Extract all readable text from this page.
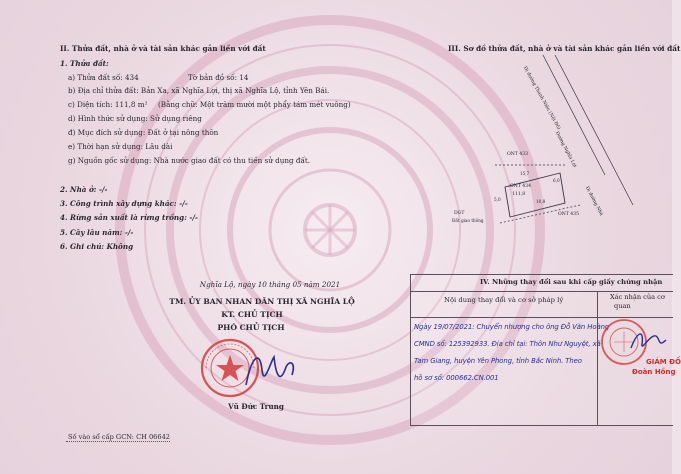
II. Thửa đất, nhà ở và tài sản khác gắn liền với đất
1. Thửa đất:
a) Thửa đất số: 434	Tờ bản đồ số: 14
b) Địa chỉ thửa đất: Bản Xa, xã Nghĩa Lợi, thị xã Nghĩa Lộ, tỉnh Yên Bái.
c) Diện tích: 111,8 m² (Bằng chữ: Một trăm mười một phẩy tám mét vuông)
d) Hình thức sử dụng: Sử dụng riêng
đ) Mục đích sử dụng: Đất ở tại nông thôn
e) Thời hạn sử dụng: Lâu dài
g) Nguồn gốc sử dụng: Nhà nước giao đất có thu tiền sử dụng đất.
2. Nhà ở: -/-
3. Công trình xây dựng khác: -/-
4. Rừng sản xuất là rừng trồng: -/-
5. Cây lâu năm: -/-
6. Ghi chú: Không
Nghĩa Lộ, ngày 10 tháng 05 năm 2021
TM. ỦY BAN NHAN DÂN THỊ XÃ NGHĨA LỘ
KT. CHỦ TỊCH
PHÓ CHỦ TỊCH
Vũ Đức Trung
Số vào sổ cấp GCN: CH 06642
III. Sơ đồ thửa đất, nhà ở và tài sản khác gắn liền với đất
Đi đường Thanh Niên (Nội Đô)
Đường Nghĩa Lợi
Đi đường Nhà
ONT 433
ONT 434
111,8
ONT 435
DGT
Đất giao thông
15,7
5,0	10,8
6,0
IV. Những thay đổi sau khi cấp giấy chứng nhận
Nội dung thay đổi và cơ sở pháp lý	Xác nhận của cơ
quan
Ngày 19/07/2021: Chuyển nhượng cho ông Đỗ Văn Hoàng
CMND số: 125392933. Địa chỉ tại: Thôn Như Nguyệt, xã
Tam Giang, huyện Yên Phong, tỉnh Bắc Ninh. Theo
hồ sơ số: 000662.CN.001
GIÁM ĐỐ
Đoàn Hồng
